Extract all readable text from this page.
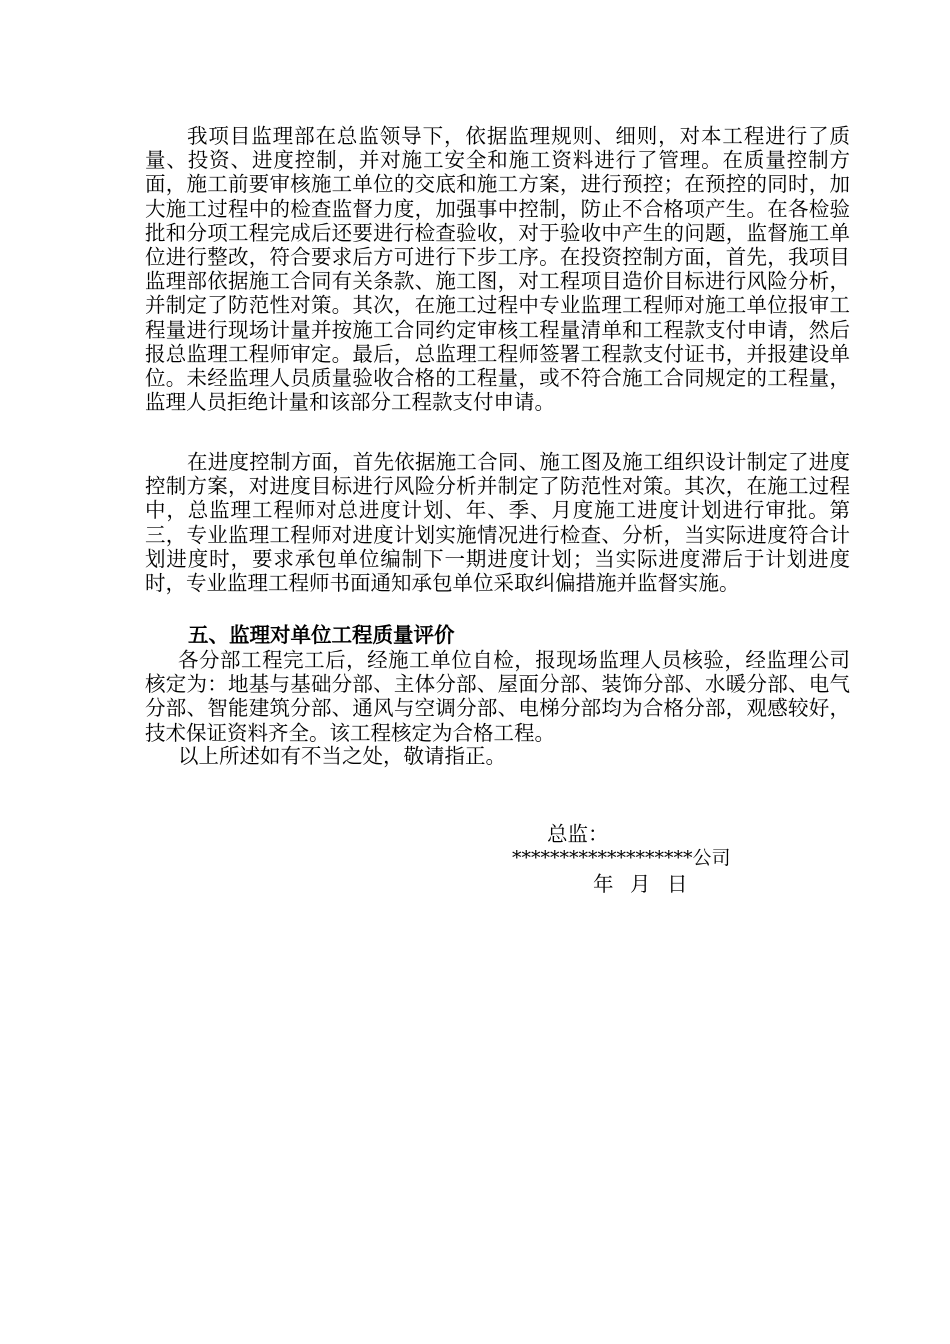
我项目监理部在总监领导下，依据监理规则、细则，对本工程进行了质量、投资、进度控制，并对施工安全和施工资料进行了管理。在质量控制方面，施工前要审核施工单位的交底和施工方案，进行预控；在预控的同时，加大施工过程中的检查监督力度，加强事中控制，防止不合格项产生。在各检验批和分项工程完成后还要进行检查验收，对于验收中产生的问题，监督施工单位进行整改，符合要求后方可进行下步工序。在投资控制方面，首先，我项目监理部依据施工合同有关条款、施工图，对工程项目造价目标进行风险分析，并制定了防范性对策。其次，在施工过程中专业监理工程师对施工单位报审工程量进行现场计量并按施工合同约定审核工程量清单和工程款支付申请，然后报总监理工程师审定。最后，总监理工程师签署工程款支付证书，并报建设单位。未经监理人员质量验收合格的工程量，或不符合施工合同规定的工程量，监理人员拒绝计量和该部分工程款支付申请。

在进度控制方面，首先依据施工合同、施工图及施工组织设计制定了进度控制方案，对进度目标进行风险分析并制定了防范性对策。其次，在施工过程中，总监理工程师对总进度计划、年、季、月度施工进度计划进行审批。第三，专业监理工程师对进度计划实施情况进行检查、分析，当实际进度符合计划进度时，要求承包单位编制下一期进度计划；当实际进度滞后于计划进度时，专业监理工程师书面通知承包单位采取纠偏措施并监督实施。

五、监理对单位工程质量评价

各分部工程完工后，经施工单位自检，报现场监理人员核验，经监理公司核定为：地基与基础分部、主体分部、屋面分部、装饰分部、水暖分部、电气分部、智能建筑分部、通风与空调分部、电梯分部均为合格分部，观感较好，技术保证资料齐全。该工程核定为合格工程。

以上所述如有不当之处，敬请指正。

总监：

*******************公司

年 月 日
